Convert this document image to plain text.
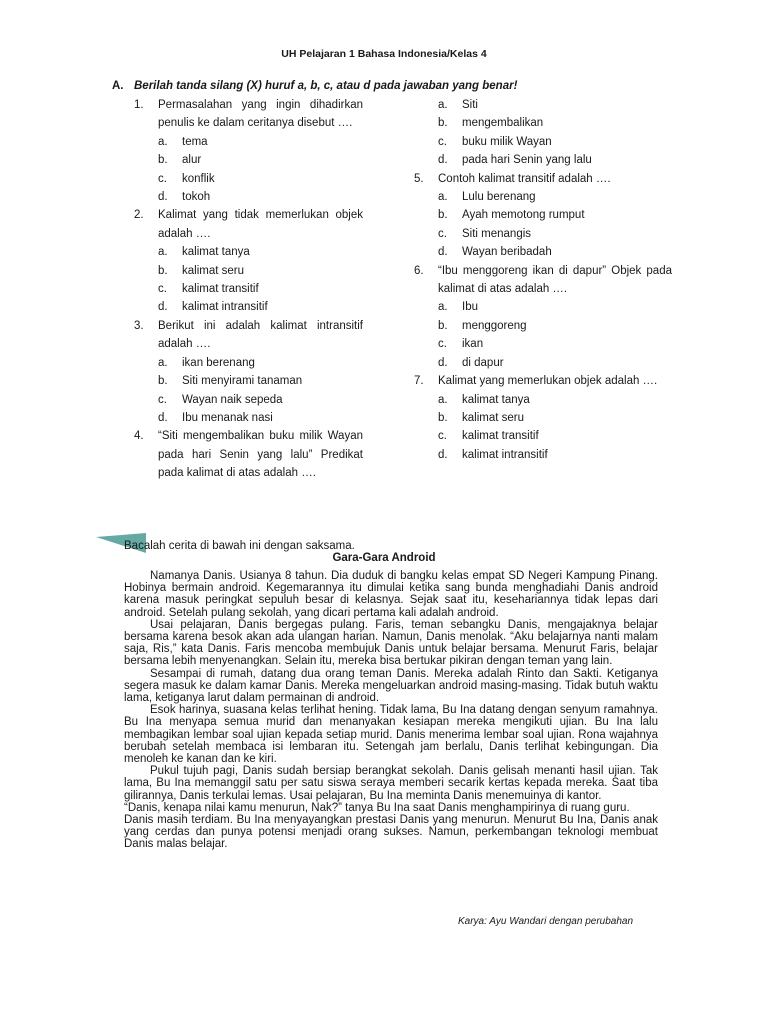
UH Pelajaran 1 Bahasa Indonesia/Kelas 4
A. Berilah tanda silang (X) huruf a, b, c, atau d pada jawaban yang benar!
1.	Permasalahan yang ingin dihadirkan penulis ke dalam ceritanya disebut ….
a.	tema
b.	alur
c.	konflik
d.	tokoh
2.	Kalimat yang tidak memerlukan objek adalah ….
a.	kalimat tanya
b.	kalimat seru
c.	kalimat transitif
d.	kalimat intransitif
3.	Berikut ini adalah kalimat intransitif adalah ….
a.	ikan berenang
b.	Siti menyirami tanaman
c.	Wayan naik sepeda
d.	Ibu menanak nasi
4.	“Siti mengembalikan buku milik Wayan pada hari Senin yang lalu” Predikat pada kalimat di atas adalah ….
a.	Siti
b.	mengembalikan
c.	buku milik Wayan
d.	pada hari Senin yang lalu
5.	Contoh kalimat transitif adalah ….
a.	Lulu berenang
b.	Ayah memotong rumput
c.	Siti menangis
d.	Wayan beribadah
6.	“Ibu menggoreng ikan di dapur” Objek pada kalimat di atas adalah ….
a.	Ibu
b.	menggoreng
c.	ikan
d.	di dapur
7.	Kalimat yang memerlukan objek adalah ….
a.	kalimat tanya
b.	kalimat seru
c.	kalimat transitif
d.	kalimat intransitif
Bacalah cerita di bawah ini dengan saksama.
Gara-Gara Android

Namanya Danis. Usianya 8 tahun. Dia duduk di bangku kelas empat SD Negeri Kampung Pinang. Hobinya bermain android. Kegemarannya itu dimulai ketika sang bunda menghadiahi Danis android karena masuk peringkat sepuluh besar di kelasnya. Sejak saat itu, kesehariannya tidak lepas dari android. Setelah pulang sekolah, yang dicari pertama kali adalah android.

Usai pelajaran, Danis bergegas pulang. Faris, teman sebangku Danis, mengajaknya belajar bersama karena besok akan ada ulangan harian. Namun, Danis menolak. “Aku belajarnya nanti malam saja, Ris,” kata Danis. Faris mencoba membujuk Danis untuk belajar bersama. Menurut Faris, belajar bersama lebih menyenangkan. Selain itu, mereka bisa bertukar pikiran dengan teman yang lain.

Sesampai di rumah, datang dua orang teman Danis. Mereka adalah Rinto dan Sakti. Ketiganya segera masuk ke dalam kamar Danis. Mereka mengeluarkan android masing-masing. Tidak butuh waktu lama, ketiganya larut dalam permainan di android.

Esok harinya, suasana kelas terlihat hening. Tidak lama, Bu Ina datang dengan senyum ramahnya. Bu Ina menyapa semua murid dan menanyakan kesiapan mereka mengikuti ujian. Bu Ina lalu membagikan lembar soal ujian kepada setiap murid. Danis menerima lembar soal ujian. Rona wajahnya berubah setelah membaca isi lembaran itu. Setengah jam berlalu, Danis terlihat kebingungan. Dia menoleh ke kanan dan ke kiri.

Pukul tujuh pagi, Danis sudah bersiap berangkat sekolah. Danis gelisah menanti hasil ujian. Tak lama, Bu Ina memanggil satu per satu siswa seraya memberi secarik kertas kepada mereka. Saat tiba gilirannya, Danis terkulai lemas. Usai pelajaran, Bu Ina meminta Danis menemuinya di kantor.

“Danis, kenapa nilai kamu menurun, Nak?” tanya Bu Ina saat Danis menghampirinya di ruang guru.

Danis masih terdiam. Bu Ina menyayangkan prestasi Danis yang menurun. Menurut Bu Ina, Danis anak yang cerdas dan punya potensi menjadi orang sukses. Namun, perkembangan teknologi membuat Danis malas belajar.

Karya: Ayu Wandari dengan perubahan
